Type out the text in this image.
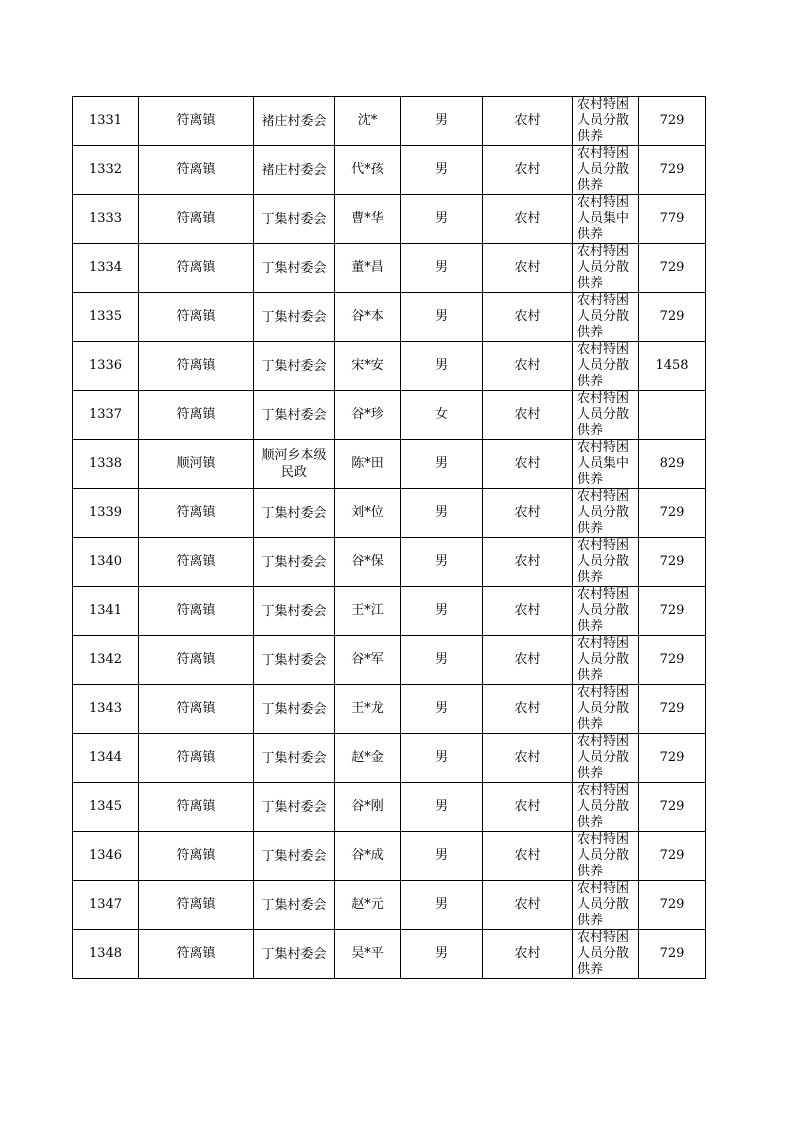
1331	符离镇	褚庄村委会	沈*	男	农村	农村特困人员分散供养	729
1332	符离镇	褚庄村委会	代*孩	男	农村	农村特困人员分散供养	729
1333	符离镇	丁集村委会	曹*华	男	农村	农村特困人员集中供养	779
1334	符离镇	丁集村委会	董*昌	男	农村	农村特困人员分散供养	729
1335	符离镇	丁集村委会	谷*本	男	农村	农村特困人员分散供养	729
1336	符离镇	丁集村委会	宋*安	男	农村	农村特困人员分散供养	1458
1337	符离镇	丁集村委会	谷*珍	女	农村	农村特困人员分散供养	

1338	顺河镇	顺河乡本级民政	陈*田	男	农村	农村特困人员集中供养	829
1339	符离镇	丁集村委会	刘*位	男	农村	农村特困人员分散供养	729
1340	符离镇	丁集村委会	谷*保	男	农村	农村特困人员分散供养	729
1341	符离镇	丁集村委会	王*江	男	农村	农村特困人员分散供养	729
1342	符离镇	丁集村委会	谷*军	男	农村	农村特困人员分散供养	729
1343	符离镇	丁集村委会	王*龙	男	农村	农村特困人员分散供养	729
1344	符离镇	丁集村委会	赵*金	男	农村	农村特困人员分散供养	729
1345	符离镇	丁集村委会	谷*刚	男	农村	农村特困人员分散供养	729
1346	符离镇	丁集村委会	谷*成	男	农村	农村特困人员分散供养	729
1347	符离镇	丁集村委会	赵*元	男	农村	农村特困人员分散供养	729
1348	符离镇	丁集村委会	吴*平	男	农村	农村特困人员分散供养	729
